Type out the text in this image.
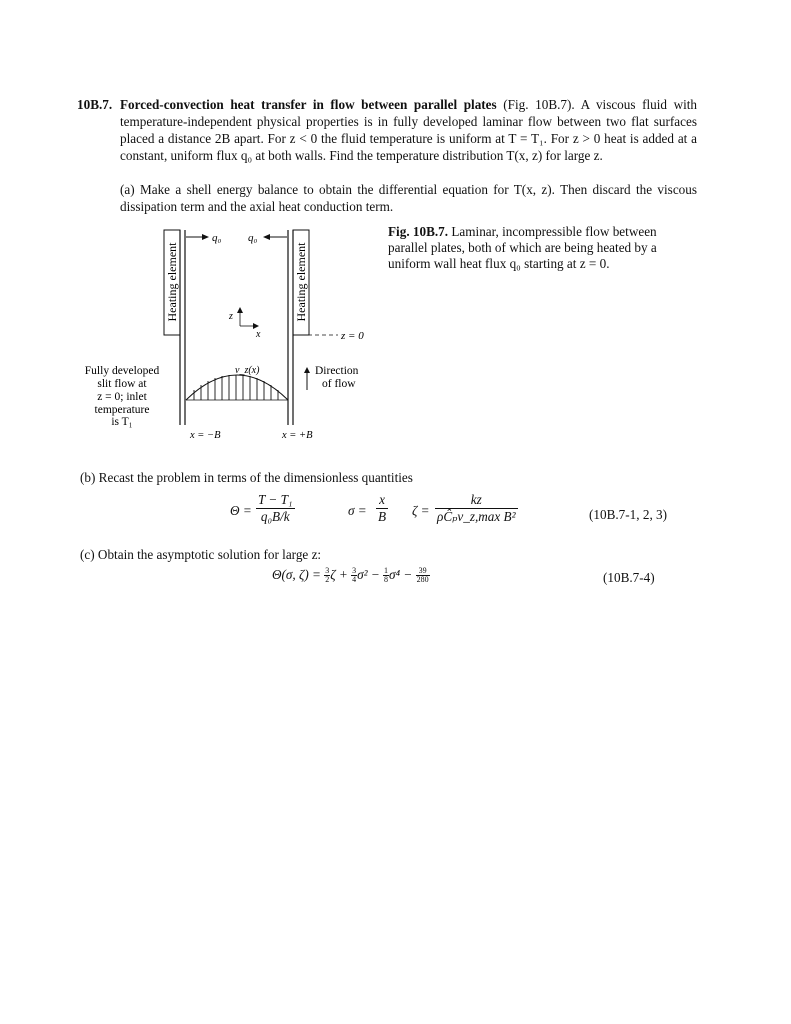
10B.7. Forced-convection heat transfer in flow between parallel plates (Fig. 10B.7). A viscous fluid with temperature-independent physical properties is in fully developed laminar flow between two flat surfaces placed a distance 2B apart. For z < 0 the fluid temperature is uniform at T = T₁. For z > 0 heat is added at a constant, uniform flux q₀ at both walls. Find the temperature distribution T(x, z) for large z.
(a) Make a shell energy balance to obtain the differential equation for T(x, z). Then discard the viscous dissipation term and the axial heat conduction term.
Heating element	Heating element
q₀ q₀
z
x	z = 0
v_z(x)	Direction
of flow
Fully developed
slit flow at
z = 0; inlet
temperature
is T₁
x = −B	x = +B
Fig. 10B.7. Laminar, incompressible flow between parallel plates, both of which are being heated by a uniform wall heat flux q₀ starting at z = 0.
(b) Recast the problem in terms of the dimensionless quantities
$\Theta = \frac{\text{T − T₁}}{\text{q₀B/k}}$	$\sigma = \frac{x}{B}$ ζ =
kz
ρĈₚv_z,max B²	(10B.7-1, 2, 3)
(c) Obtain the asymptotic solution for large z:
Θ(σ, $\zeta) = \frac{3}{2}$ $\zeta + \frac{3}{4} \sigma^2 - \frac{1}{8} \sigma^4 - \frac{39}{280}$	(10B.7-4)
